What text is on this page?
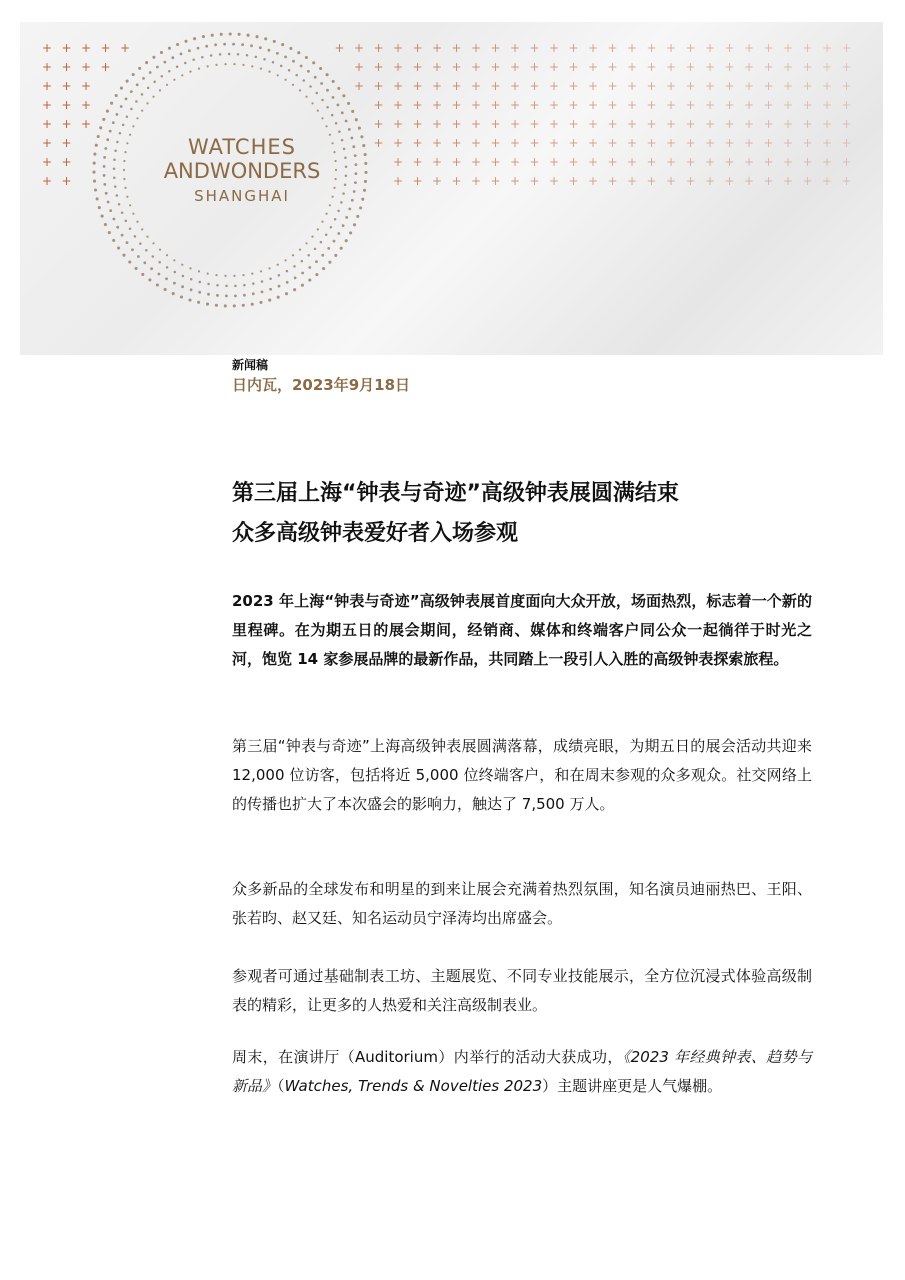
+ + + + +	+ + + + + + + + + + + + + + + + + + + + + + + + + + +
+ + + +	+ + + + + + + + + + + + + + + + + + + + + + + + + +
+ + +	+ + + + + + + + + + + + + + + + + + + + + + + + + +
+ + +	+ + + + + + + + + + + + + + + + + + + + + + + + +
+ + +	+ + + + + + + + + + + + + + + + + + + + + + + + +
+ +	+ + + + + + + + + + + + + + + + + + + + + + + + +
+ +	+ + + + + + + + + + + + + + + + + + + + + + + +
+ +	+ + + + + + + + + + + + + + + + + + + + + + + +
WATCHES
ANDWONDERS
SHANGHAI
新闻稿
日内瓦，2023年9月18日
第三届上海“钟表与奇迹”高级钟表展圆满结束
众多高级钟表爱好者入场参观
2023 年上海“钟表与奇迹”高级钟表展首度面向大众开放，场面热烈，标志着一个新的里程碑。在为期五日的展会期间，经销商、媒体和终端客户同公众一起徜徉于时光之河，饱览 14 家参展品牌的最新作品，共同踏上一段引人入胜的高级钟表探索旅程。
第三届“钟表与奇迹”上海高级钟表展圆满落幕，成绩亮眼，为期五日的展会活动共迎来 12,000 位访客，包括将近 5,000 位终端客户，和在周末参观的众多观众。社交网络上的传播也扩大了本次盛会的影响力，触达了 7,500 万人。
众多新品的全球发布和明星的到来让展会充满着热烈氛围，知名演员迪丽热巴、王阳、张若昀、赵又廷、知名运动员宁泽涛均出席盛会。
参观者可通过基础制表工坊、主题展览、不同专业技能展示，全方位沉浸式体验高级制表的精彩，让更多的人热爱和关注高级制表业。
周末，在演讲厅（Auditorium）内举行的活动大获成功，《2023 年经典钟表、趋势与新品》（Watches, Trends & Novelties 2023）主题讲座更是人气爆棚。
